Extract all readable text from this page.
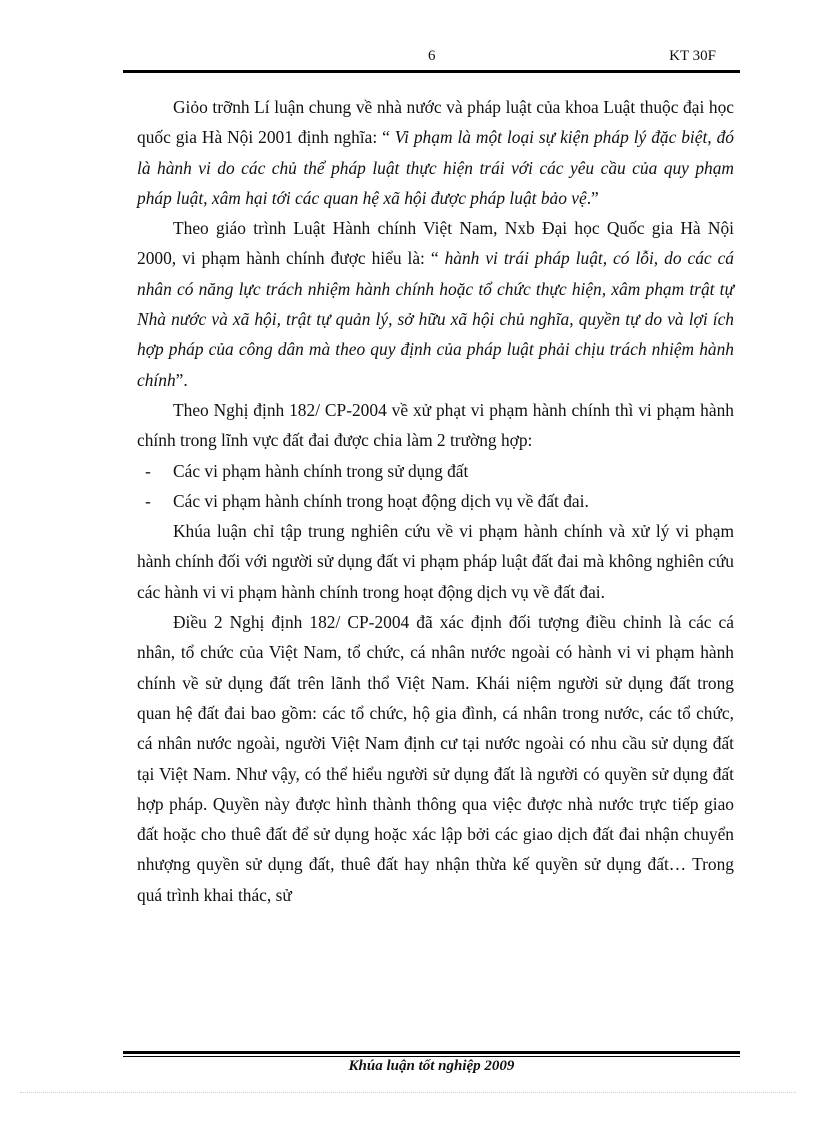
6	KT 30F

Giỏo trỡnh Lí luận chung về nhà nước và pháp luật của khoa Luật thuộc đại học quốc gia Hà Nội 2001 định nghĩa: “ Vi phạm là một loại sự kiện pháp lý đặc biệt, đó là hành vi do các chủ thể pháp luật thực hiện trái với các yêu cầu của quy phạm pháp luật, xâm hại tới các quan hệ xã hội được pháp luật bảo vệ.”

Theo giáo trình Luật Hành chính Việt Nam, Nxb Đại học Quốc gia Hà Nội 2000, vi phạm hành chính được hiểu là: “ hành vi trái pháp luật, có lỗi, do các cá nhân có năng lực trách nhiệm hành chính hoặc tổ chức thực hiện, xâm phạm trật tự Nhà nước và xã hội, trật tự quản lý, sở hữu xã hội chủ nghĩa, quyền tự do và lợi ích hợp pháp của công dân mà theo quy định của pháp luật phải chịu trách nhiệm hành chính”.

Theo Nghị định 182/ CP-2004 về xử phạt vi phạm hành chính thì vi phạm hành chính trong lĩnh vực đất đai được chia làm 2 trường hợp:

- Các vi phạm hành chính trong sử dụng đất

- Các vi phạm hành chính trong hoạt động dịch vụ về đất đai.

Khúa luận chỉ tập trung nghiên cứu về vi phạm hành chính và xử lý vi phạm hành chính đối với người sử dụng đất vi phạm pháp luật đất đai mà không nghiên cứu các hành vi vi phạm hành chính trong hoạt động dịch vụ về đất đai.

Điều 2 Nghị định 182/ CP-2004 đã xác định đối tượng điều chỉnh là các cá nhân, tổ chức của Việt Nam, tổ chức, cá nhân nước ngoài có hành vi vi phạm hành chính về sử dụng đất trên lãnh thổ Việt Nam. Khái niệm người sử dụng đất trong quan hệ đất đai bao gồm: các tổ chức, hộ gia đình, cá nhân trong nước, các tổ chức, cá nhân nước ngoài, người Việt Nam định cư tại nước ngoài có nhu cầu sử dụng đất tại Việt Nam. Như vậy, có thể hiểu người sử dụng đất là người có quyền sử dụng đất hợp pháp. Quyền này được hình thành thông qua việc được nhà nước trực tiếp giao đất hoặc cho thuê đất để sử dụng hoặc xác lập bởi các giao dịch đất đai nhận chuyển nhượng quyền sử dụng đất, thuê đất hay nhận thừa kế quyền sử dụng đất… Trong quá trình khai thác, sử

Khúa luận tốt nghiệp 2009
